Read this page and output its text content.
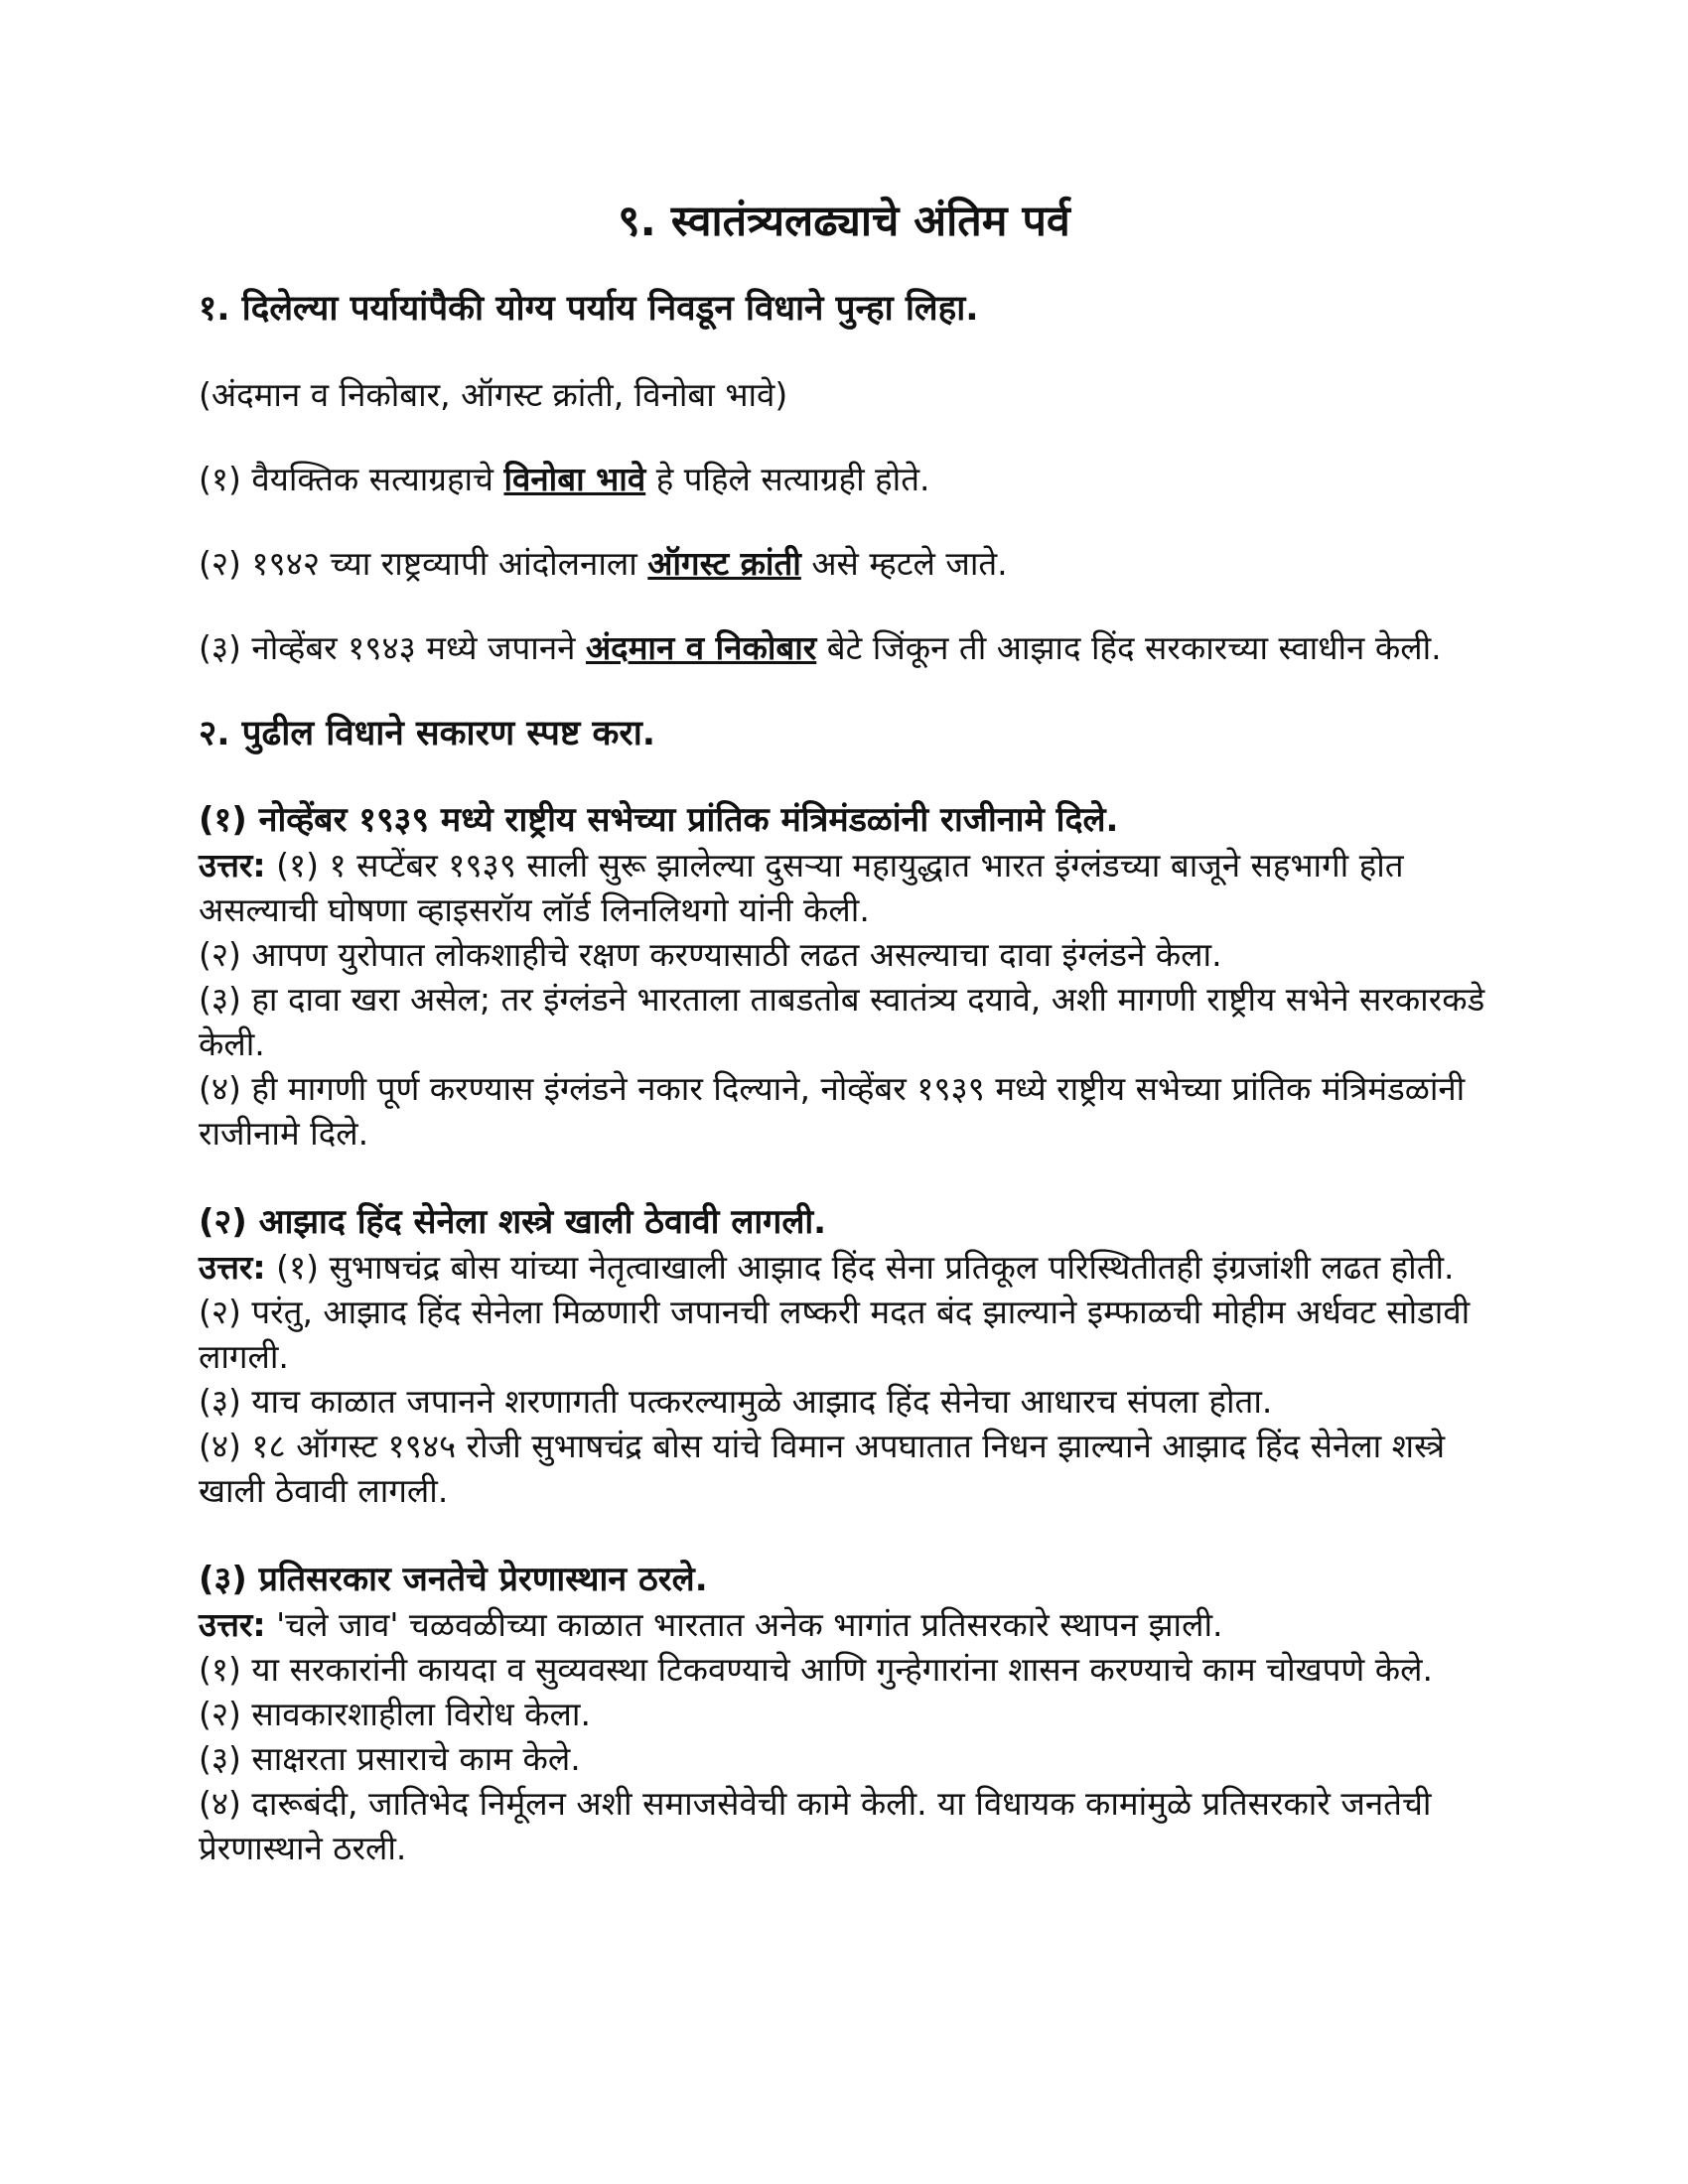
९. स्वातंत्र्यलढ्याचे अंतिम पर्व
१. दिलेल्या पर्यायांपैकी योग्य पर्याय निवडून विधाने पुन्हा लिहा.
(अंदमान व निकोबार, ऑगस्ट क्रांती, विनोबा भावे)
(१) वैयक्तिक सत्याग्रहाचे विनोबा भावे हे पहिले सत्याग्रही होते.
(२) १९४२ च्या राष्ट्रव्यापी आंदोलनाला ऑगस्ट क्रांती असे म्हटले जाते.
(३) नोव्हेंबर १९४३ मध्ये जपानने अंदमान व निकोबार बेटे जिंकून ती आझाद हिंद सरकारच्या स्वाधीन केली.
२. पुढील विधाने सकारण स्पष्ट करा.
(१) नोव्हेंबर १९३९ मध्ये राष्ट्रीय सभेच्या प्रांतिक मंत्रिमंडळांनी राजीनामे दिले.
उत्तर: (१) १ सप्टेंबर १९३९ साली सुरू झालेल्या दुसऱ्या महायुद्धात भारत इंग्लंडच्या बाजूने सहभागी होत असल्याची घोषणा व्हाइसरॉय लॉर्ड लिनलिथगो यांनी केली.
(२) आपण युरोपात लोकशाहीचे रक्षण करण्यासाठी लढत असल्याचा दावा इंग्लंडने केला.
(३) हा दावा खरा असेल; तर इंग्लंडने भारताला ताबडतोब स्वातंत्र्य दयावे, अशी मागणी राष्ट्रीय सभेने सरकारकडे केली.
(४) ही मागणी पूर्ण करण्यास इंग्लंडने नकार दिल्याने, नोव्हेंबर १९३९ मध्ये राष्ट्रीय सभेच्या प्रांतिक मंत्रिमंडळांनी राजीनामे दिले.
(२) आझाद हिंद सेनेला शस्त्रे खाली ठेवावी लागली.
उत्तर: (१) सुभाषचंद्र बोस यांच्या नेतृत्वाखाली आझाद हिंद सेना प्रतिकूल परिस्थितीतही इंग्रजांशी लढत होती.
(२) परंतु, आझाद हिंद सेनेला मिळणारी जपानची लष्करी मदत बंद झाल्याने इम्फाळची मोहीम अर्धवट सोडावी लागली.
(३) याच काळात जपानने शरणागती पत्करल्यामुळे आझाद हिंद सेनेचा आधारच संपला होता.
(४) १८ ऑगस्ट १९४५ रोजी सुभाषचंद्र बोस यांचे विमान अपघातात निधन झाल्याने आझाद हिंद सेनेला शस्त्रे खाली ठेवावी लागली.
(३) प्रतिसरकार जनतेचे प्रेरणास्थान ठरले.
उत्तर: 'चले जाव' चळवळीच्या काळात भारतात अनेक भागांत प्रतिसरकारे स्थापन झाली.
(१) या सरकारांनी कायदा व सुव्यवस्था टिकवण्याचे आणि गुन्हेगारांना शासन करण्याचे काम चोखपणे केले.
(२) सावकारशाहीला विरोध केला.
(३) साक्षरता प्रसाराचे काम केले.
(४) दारूबंदी, जातिभेद निर्मूलन अशी समाजसेवेची कामे केली. या विधायक कामांमुळे प्रतिसरकारे जनतेची प्रेरणास्थाने ठरली.
